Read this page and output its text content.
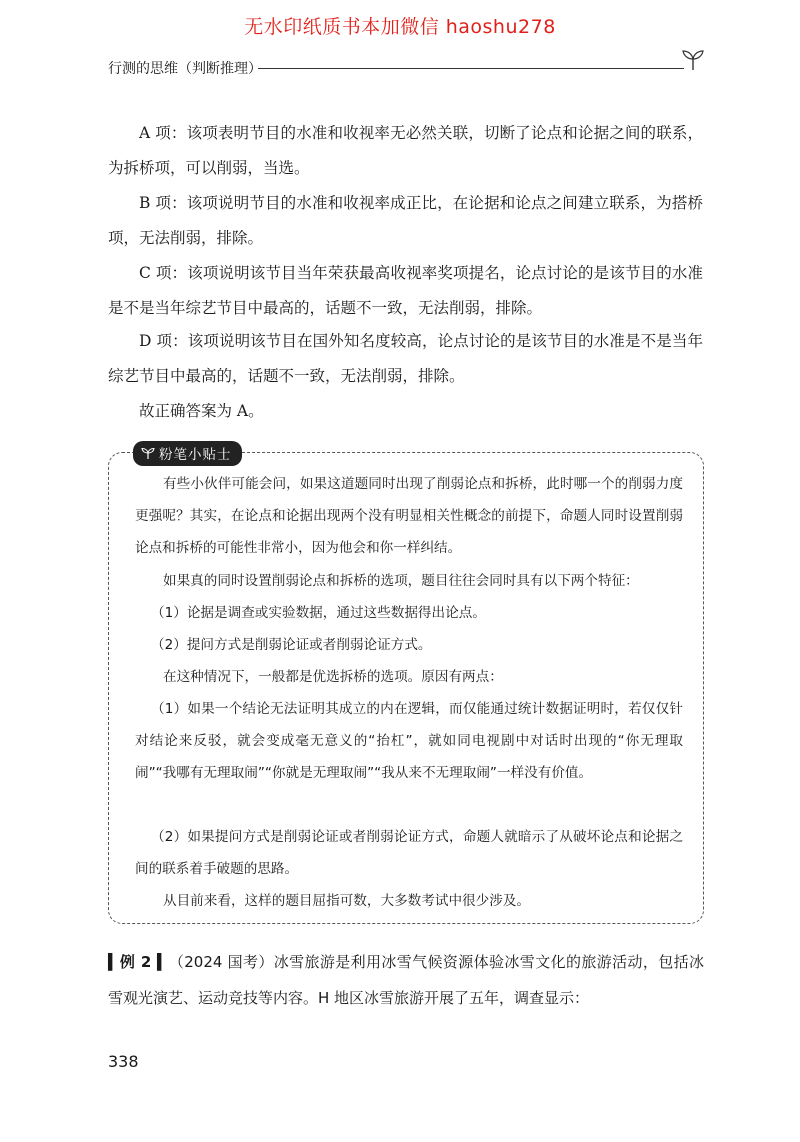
无水印纸质书本加微信 haoshu278
行测的思维（判断推理）

A 项：该项表明节目的水准和收视率无必然关联，切断了论点和论据之间的联系，为拆桥项，可以削弱，当选。

B 项：该项说明节目的水准和收视率成正比，在论据和论点之间建立联系，为搭桥项，无法削弱，排除。

C 项：该项说明该节目当年荣获最高收视率奖项提名，论点讨论的是该节目的水准是不是当年综艺节目中最高的，话题不一致，无法削弱，排除。

D 项：该项说明该节目在国外知名度较高，论点讨论的是该节目的水准是不是当年综艺节目中最高的，话题不一致，无法削弱，排除。

故正确答案为 A。

粉笔小贴士

有些小伙伴可能会问，如果这道题同时出现了削弱论点和拆桥，此时哪一个的削弱力度更强呢？其实，在论点和论据出现两个没有明显相关性概念的前提下，命题人同时设置削弱论点和拆桥的可能性非常小，因为他会和你一样纠结。

如果真的同时设置削弱论点和拆桥的选项，题目往往会同时具有以下两个特征：

（1）论据是调查或实验数据，通过这些数据得出论点。

（2）提问方式是削弱论证或者削弱论证方式。

在这种情况下，一般都是优选拆桥的选项。原因有两点：

（1）如果一个结论无法证明其成立的内在逻辑，而仅能通过统计数据证明时，若仅仅针对结论来反驳，就会变成毫无意义的“抬杠”，就如同电视剧中对话时出现的“你无理取闹”“我哪有无理取闹”“你就是无理取闹”“我从来不无理取闹”一样没有价值。

（2）如果提问方式是削弱论证或者削弱论证方式，命题人就暗示了从破坏论点和论据之间的联系着手破题的思路。

从目前来看，这样的题目屈指可数，大多数考试中很少涉及。

▍例 2 ▍（2024 国考）冰雪旅游是利用冰雪气候资源体验冰雪文化的旅游活动，包括冰雪观光演艺、运动竞技等内容。H 地区冰雪旅游开展了五年，调查显示：

338
